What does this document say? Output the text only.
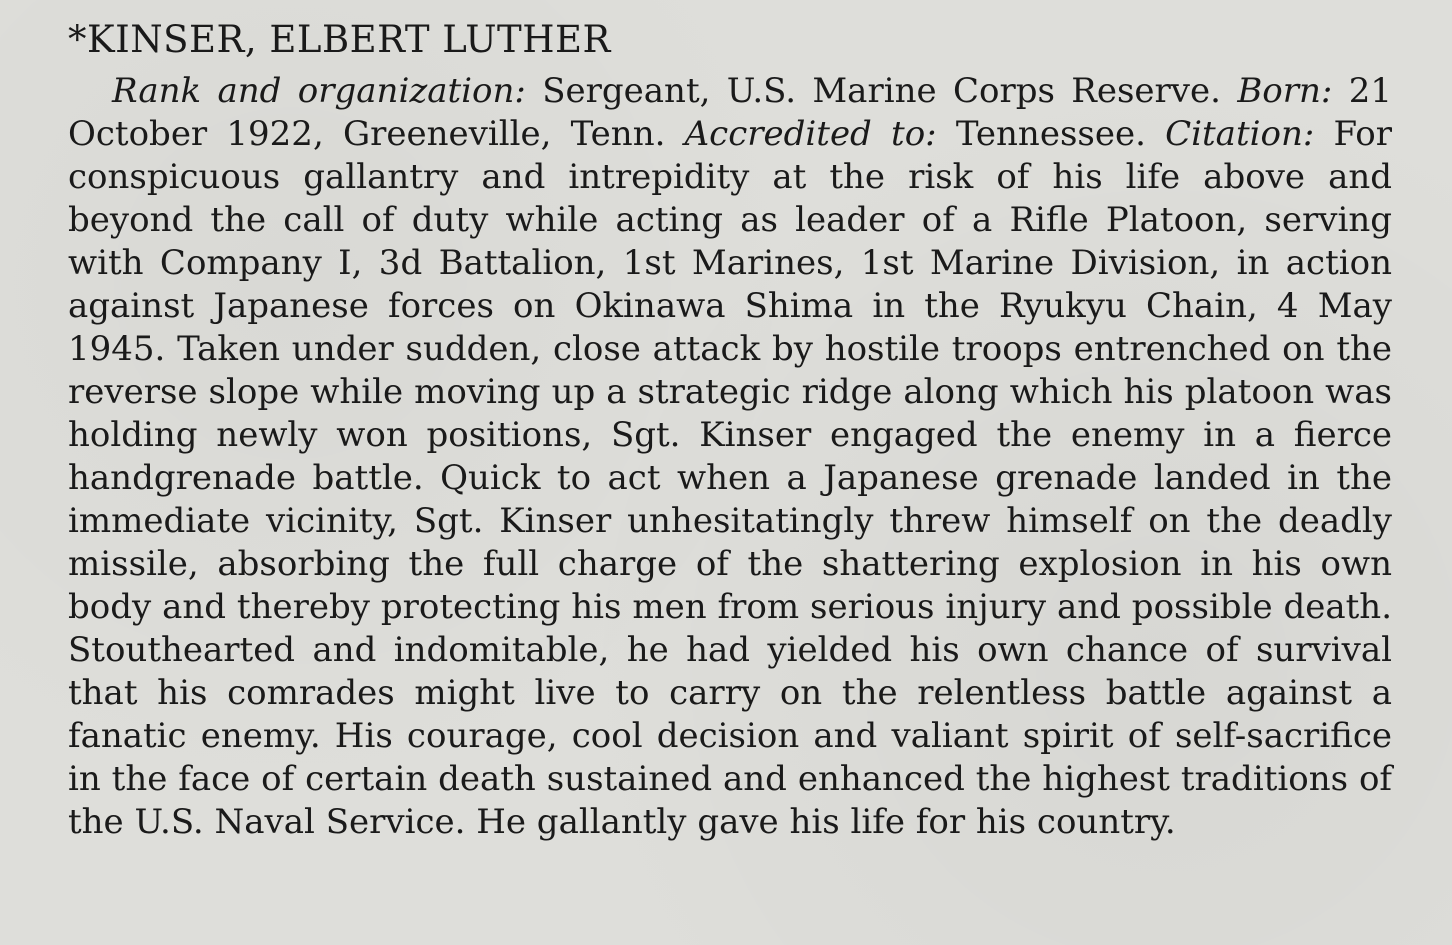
*KINSER, ELBERT LUTHER

Rank and organization: Sergeant, U.S. Marine Corps Reserve. Born: 21 October 1922, Greeneville, Tenn. Accredited to: Tennessee. Citation: For conspicuous gallantry and intrepidity at the risk of his life above and beyond the call of duty while acting as leader of a Rifle Platoon, serving with Company I, 3d Battalion, 1st Marines, 1st Marine Division, in action against Japanese forces on Okinawa Shima in the Ryukyu Chain, 4 May 1945. Taken under sudden, close attack by hostile troops entrenched on the reverse slope while moving up a strategic ridge along which his platoon was holding newly won positions, Sgt. Kinser engaged the enemy in a fierce handgrenade battle. Quick to act when a Japanese grenade landed in the immediate vicinity, Sgt. Kinser unhesitatingly threw himself on the deadly missile, absorbing the full charge of the shattering explosion in his own body and thereby protecting his men from serious injury and possible death. Stouthearted and indomitable, he had yielded his own chance of survival that his comrades might live to carry on the relentless battle against a fanatic enemy. His courage, cool decision and valiant spirit of self-sacrifice in the face of certain death sustained and enhanced the highest traditions of the U.S. Naval Service. He gallantly gave his life for his country.
